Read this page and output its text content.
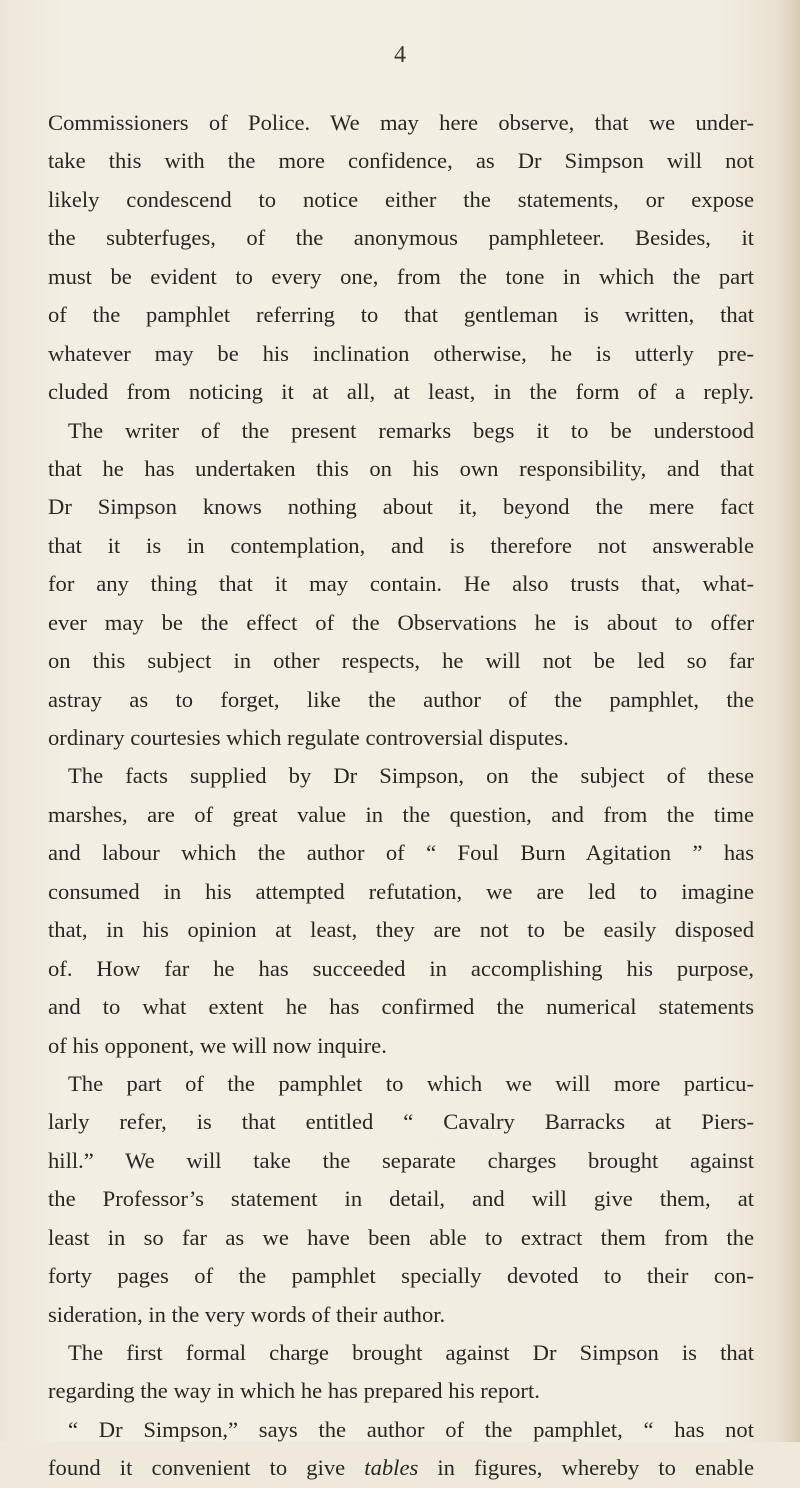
4
Commissioners of Police. We may here observe, that we under-
take this with the more confidence, as Dr Simpson will not
likely condescend to notice either the statements, or expose
the subterfuges, of the anonymous pamphleteer. Besides, it
must be evident to every one, from the tone in which the part
of the pamphlet referring to that gentleman is written, that
whatever may be his inclination otherwise, he is utterly pre-
cluded from noticing it at all, at least, in the form of a reply.
The writer of the present remarks begs it to be understood
that he has undertaken this on his own responsibility, and that
Dr Simpson knows nothing about it, beyond the mere fact
that it is in contemplation, and is therefore not answerable
for any thing that it may contain. He also trusts that, what-
ever may be the effect of the Observations he is about to offer
on this subject in other respects, he will not be led so far
astray as to forget, like the author of the pamphlet, the
ordinary courtesies which regulate controversial disputes.
The facts supplied by Dr Simpson, on the subject of these
marshes, are of great value in the question, and from the time
and labour which the author of “ Foul Burn Agitation ” has
consumed in his attempted refutation, we are led to imagine
that, in his opinion at least, they are not to be easily disposed
of. How far he has succeeded in accomplishing his purpose,
and to what extent he has confirmed the numerical statements
of his opponent, we will now inquire.
The part of the pamphlet to which we will more particu-
larly refer, is that entitled “ Cavalry Barracks at Piers-
hill.” We will take the separate charges brought against
the Professor’s statement in detail, and will give them, at
least in so far as we have been able to extract them from the
forty pages of the pamphlet specially devoted to their con-
sideration, in the very words of their author.
The first formal charge brought against Dr Simpson is that
regarding the way in which he has prepared his report.
“ Dr Simpson,” says the author of the pamphlet, “ has not
found it convenient to give tables in figures, whereby to enable
